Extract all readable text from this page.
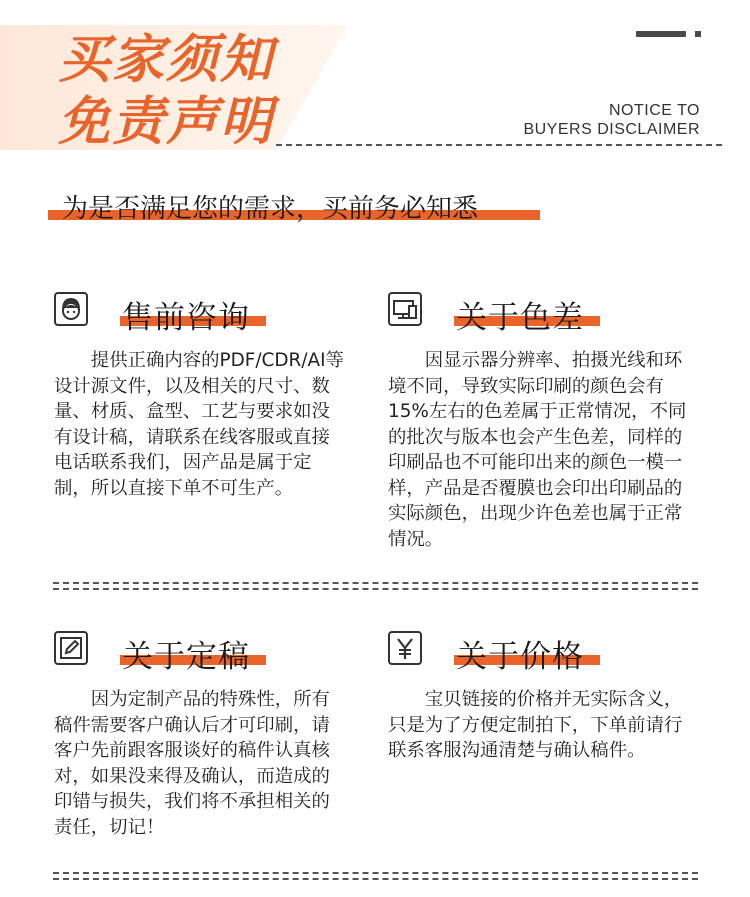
买家须知
免责声明	NOTICE TO
BUYERS DISCLAIMER
为是否满足您的需求，买前务必知悉
售前咨询
提供正确内容的PDF/CDR/AI等设计源文件，以及相关的尺寸、数量、材质、盒型、工艺与要求如没有设计稿，请联系在线客服或直接电话联系我们，因产品是属于定制，所以直接下单不可生产。
关于色差
因显示器分辨率、拍摄光线和环境不同，导致实际印刷的颜色会有15%左右的色差属于正常情况，不同的批次与版本也会产生色差，同样的印刷品也不可能印出来的颜色一模一样，产品是否覆膜也会印出印刷品的实际颜色，出现少许色差也属于正常情况。
关于定稿
因为定制产品的特殊性，所有稿件需要客户确认后才可印刷，请客户先前跟客服谈好的稿件认真核对，如果没来得及确认，而造成的印错与损失，我们将不承担相关的责任，切记！
关于价格
宝贝链接的价格并无实际含义，只是为了方便定制拍下，下单前请行联系客服沟通清楚与确认稿件。
